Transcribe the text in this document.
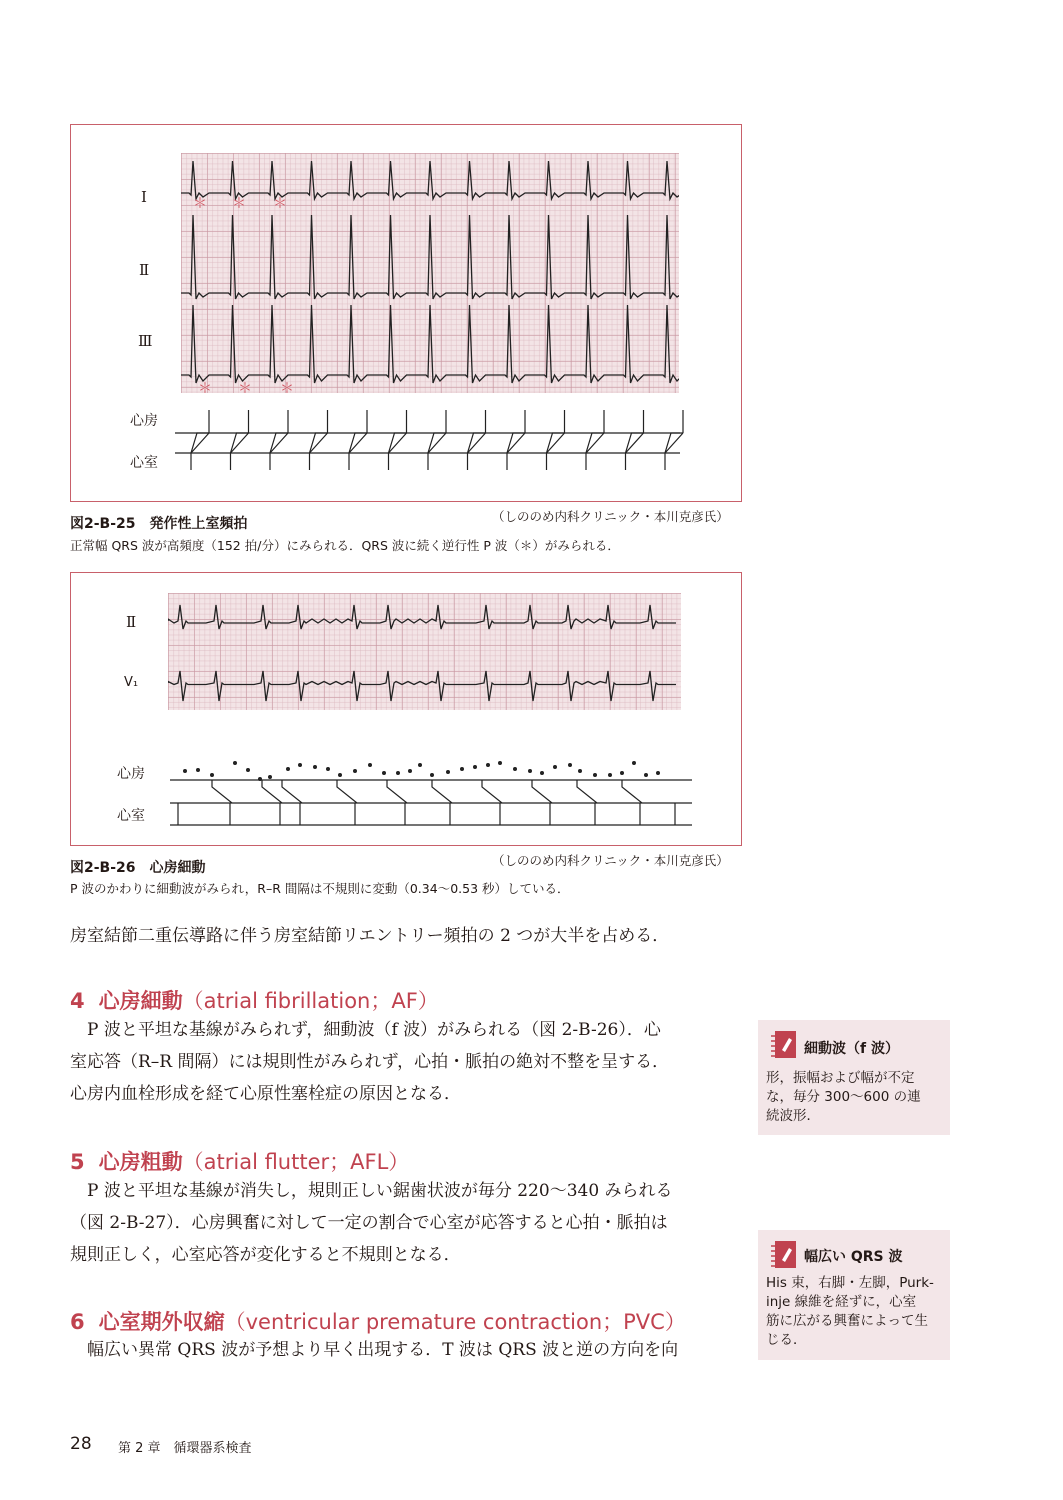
Ⅰ
Ⅱ
Ⅲ
＊ ＊ ＊
＊ ＊ ＊
心房
心室
図2-B-25　発作性上室頻拍	（しののめ内科クリニック・本川克彦氏）
正常幅 QRS 波が高頻度（152 拍/分）にみられる．QRS 波に続く逆行性 P 波（＊）がみられる．
Ⅱ
V₁
心房
心室
図2-B-26　心房細動	（しののめ内科クリニック・本川克彦氏）
P 波のかわりに細動波がみられ，R–R 間隔は不規則に変動（0.34〜0.53 秒）している．
房室結節二重伝導路に伴う房室結節リエントリー頻拍の 2 つが大半を占める．
4 心房細動（atrial fibrillation；AF）
　P 波と平坦な基線がみられず，細動波（f 波）がみられる（図 2-B-26）．心
室応答（R–R 間隔）には規則性がみられず，心拍・脈拍の絶対不整を呈する．
心房内血栓形成を経て心原性塞栓症の原因となる．
5 心房粗動（atrial flutter；AFL）
　P 波と平坦な基線が消失し，規則正しい鋸歯状波が毎分 220〜340 みられる
（図 2-B-27）．心房興奮に対して一定の割合で心室が応答すると心拍・脈拍は
規則正しく，心室応答が変化すると不規則となる．
6 心室期外収縮（ventricular premature contraction；PVC）
　幅広い異常 QRS 波が予想より早く出現する．T 波は QRS 波と逆の方向を向
細動波（f 波）
形，振幅および幅が不定
な，毎分 300〜600 の連
続波形．
幅広い QRS 波
His 束，右脚・左脚，Purk-
inje 線維を経ずに，心室
筋に広がる興奮によって生
じる．
28 第 2 章　循環器系検査
